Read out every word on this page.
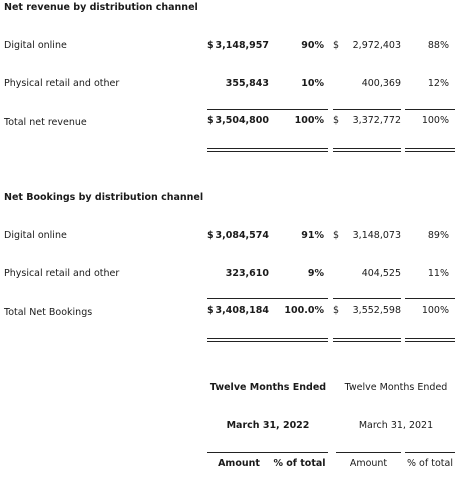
Net revenue by distribution channel
Digital online	$ 3,148,957	90% $	2,972,403	88%
Physical retail and other	355,843	10%	400,369	12%
Total net revenue	$ 3,504,800	100% $	3,372,772	100%
Net Bookings by distribution channel
Digital online	$ 3,084,574	91% $	3,148,073	89%
Physical retail and other	323,610	9%	404,525	11%
Total Net Bookings	$ 3,408,184	100.0% $	3,552,598	100%
Twelve Months Ended	Twelve Months Ended
March 31, 2022	March 31, 2021
Amount	% of total	Amount	% of total
